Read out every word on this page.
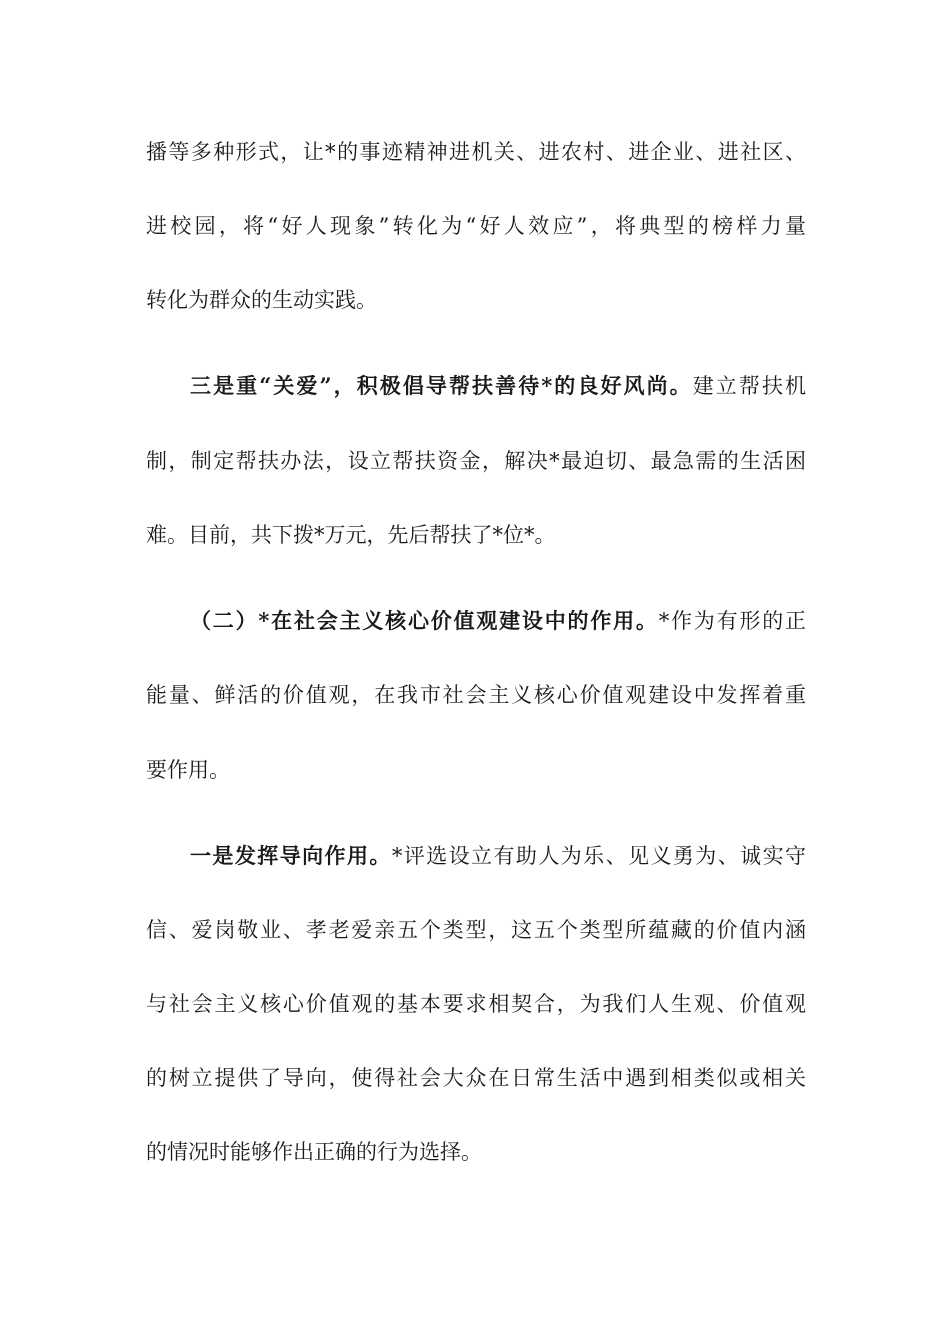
播等多种形式，让*的事迹精神进机关、进农村、进企业、进社区、
进校园，将“好人现象”转化为“好人效应”，将典型的榜样力量
转化为群众的生动实践。
三是重“关爱”，积极倡导帮扶善待*的良好风尚。建立帮扶机
制，制定帮扶办法，设立帮扶资金，解决*最迫切、最急需的生活困
难。目前，共下拨*万元，先后帮扶了*位*。
（二）*在社会主义核心价值观建设中的作用。*作为有形的正
能量、鲜活的价值观，在我市社会主义核心价值观建设中发挥着重
要作用。
一是发挥导向作用。*评选设立有助人为乐、见义勇为、诚实守
信、爱岗敬业、孝老爱亲五个类型，这五个类型所蕴藏的价值内涵
与社会主义核心价值观的基本要求相契合，为我们人生观、价值观
的树立提供了导向，使得社会大众在日常生活中遇到相类似或相关
的情况时能够作出正确的行为选择。
